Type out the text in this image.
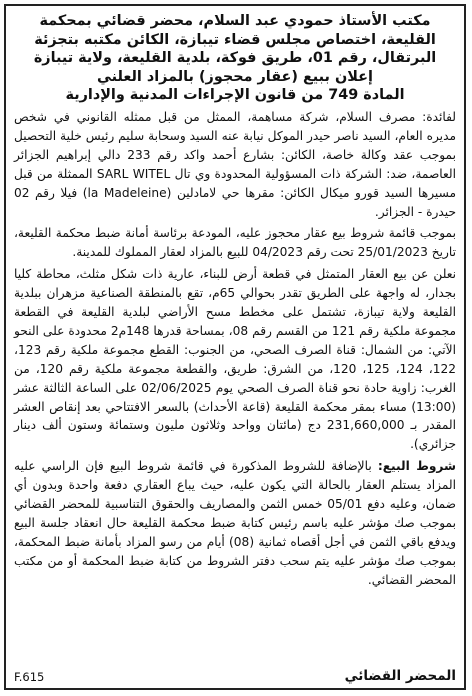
مكتب الأستاذ حمودي عبد السلام، محضر قضائي بمحكمة القليعة، اختصاص مجلس قضاء تيبازة، الكائن مكتبه بتجزئة البرتقال، رقم 01، طريق فوكة، بلدية القليعة، ولاية تيبازة
إعلان ببيع (عقار محجوز) بالمزاد العلني
المادة 749 من قانون الإجراءات المدنية والإدارية

لفائدة: مصرف السلام، شركة مساهمة، الممثل من قبل ممثله القانوني في شخص مديره العام، السيد ناصر حيدر الموكل نيابة عنه السيد وسحابة سليم رئيس خلية التحصيل بموجب عقد وكالة خاصة، الكائن: بشارع أحمد واكد رقم 233 دالي إبراهيم الجزائر العاصمة، ضد: الشركة ذات المسؤولية المحدودة وي تال SARL WITEL الممثلة من قبل مسيرها السيد قورو ميكال الكائن: مقرها حي لامادلين (la Madeleine) فيلا رقم 02 حيدرة - الجزائر.

بموجب قائمة شروط بيع عقار محجوز عليه، المودعة برئاسة أمانة ضبط محكمة القليعة، تاريخ 25/01/2023 تحت رقم 04/2023 للبيع بالمزاد لعقار المملوك للمدينة.

نعلن عن بيع العقار المتمثل في قطعة أرض للبناء، عارية ذات شكل مثلث، محاطة كليا بجدار، له واجهة على الطريق تقدر بحوالي 65م، تقع بالمنطقة الصناعية مزهران ببلدية القليعة ولاية تيبازة، تشتمل على مخطط مسح الأراضي لبلدية القليعة في القطعة مجموعة ملكية رقم 121 من القسم رقم 08، بمساحة قدرها 148م2 محدودة على النحو الآتي: من الشمال: قناة الصرف الصحي، من الجنوب: القطع مجموعة ملكية رقم 123، 122، 124، 125، 120، من الشرق: طريق، والقطعة مجموعة ملكية رقم 120، من الغرب: زاوية حادة نحو قناة الصرف الصحي يوم 02/06/2025 على الساعة الثالثة عشر (13:00) مساء بمقر محكمة القليعة (قاعة الأحداث) بالسعر الافتتاحي بعد إنقاص العشر المقدر بـ 231,660,000 دج (مائتان وواحد وثلاثون مليون وستمائة وستون ألف دينار جزائري).

شروط البيع: بالإضافة للشروط المذكورة في قائمة شروط البيع فإن الراسي عليه المزاد يستلم العقار بالحالة التي يكون عليه، حيث يباع العقاري دفعة واحدة وبدون أي ضمان، وعليه دفع 05/01 خمس الثمن والمصاريف والحقوق التناسبية للمحضر القضائي بموجب صك مؤشر عليه باسم رئيس كتابة ضبط محكمة القليعة حال انعقاد جلسة البيع ويدفع باقي الثمن في أجل أقصاه ثمانية (08) أيام من رسو المزاد بأمانة ضبط المحكمة، بموجب صك مؤشر عليه يتم سحب دفتر الشروط من كتابة ضبط المحكمة أو من مكتب المحضر القضائي.

المحضر القضائي
F.615
